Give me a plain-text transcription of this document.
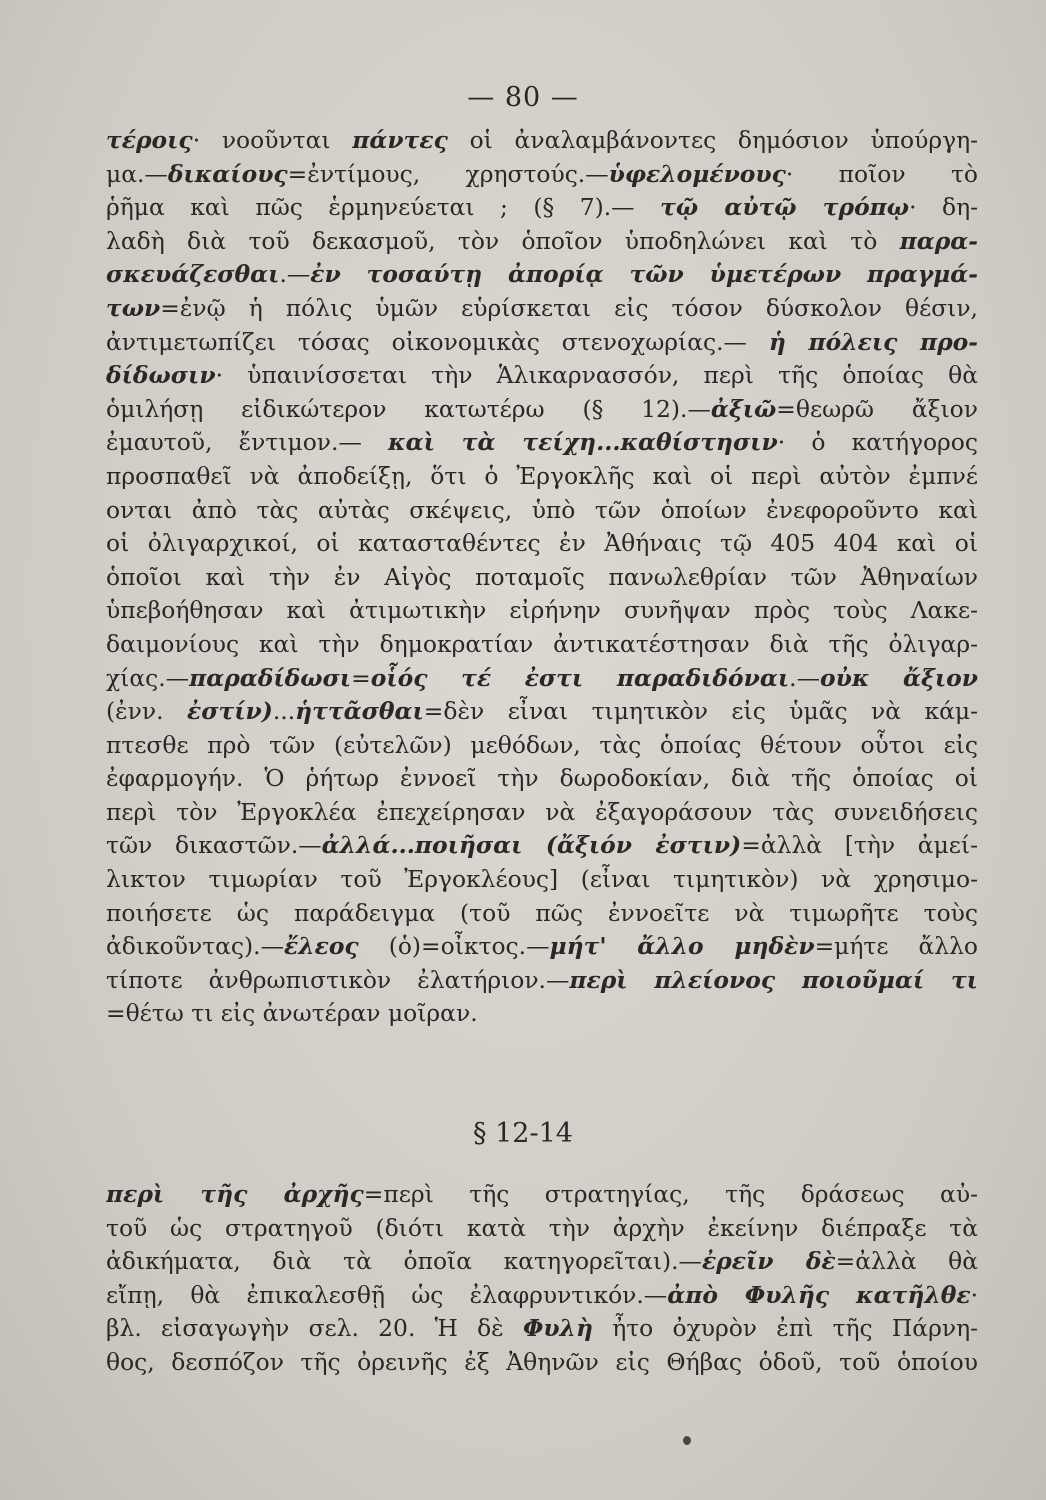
— 80 —
τέροις· νοοῦνται πάντες οἱ ἀναλαμβάνοντες δημόσιον ὑπούργη-
μα.—δικαίους=ἐντίμους, χρηστούς.—ὑφελομένους· ποῖον τὸ
ῥῆμα καὶ πῶς ἑρμηνεύεται ; (§ 7).— τῷ αὐτῷ τρόπῳ· δη-
λαδὴ διὰ τοῦ δεκασμοῦ, τὸν ὁποῖον ὑποδηλώνει καὶ τὸ παρα-
σκευάζεσθαι.—ἐν τοσαύτῃ ἀπορίᾳ τῶν ὑμετέρων πραγμά-
των=ἐνῷ ἡ πόλις ὑμῶν εὑρίσκεται εἰς τόσον δύσκολον θέσιν,
ἀντιμετωπίζει τόσας οἰκονομικὰς στενοχωρίας.— ἡ πόλεις προ-
δίδωσιν· ὑπαινίσσεται τὴν Ἁλικαρνασσόν, περὶ τῆς ὁποίας θὰ
ὁμιλήσῃ εἰδικώτερον κατωτέρω (§ 12).—ἀξιῶ=θεωρῶ ἄξιον
ἐμαυτοῦ, ἔντιμον.— καὶ τὰ τείχη...καθίστησιν· ὁ κατήγορος
προσπαθεῖ νὰ ἀποδείξῃ, ὅτι ὁ Ἐργοκλῆς καὶ οἱ περὶ αὐτὸν ἐμπνέ
ονται ἀπὸ τὰς αὐτὰς σκέψεις, ὑπὸ τῶν ὁποίων ἐνεφοροῦντο καὶ
οἱ ὀλιγαρχικοί, οἱ κατασταθέντες ἐν Ἀθήναις τῷ 405 404 καὶ οἱ
ὁποῖοι καὶ τὴν ἐν Αἰγὸς ποταμοῖς πανωλεθρίαν τῶν Ἀθηναίων
ὑπεβοήθησαν καὶ ἀτιμωτικὴν εἰρήνην συνῆψαν πρὸς τοὺς Λακε-
δαιμονίους καὶ τὴν δημοκρατίαν ἀντικατέστησαν διὰ τῆς ὀλιγαρ-
χίας.—παραδίδωσι=οἷός τέ ἐστι παραδιδόναι.—οὐκ ἄξιον
(ἐνν. ἐστίν)...ἡττᾶσθαι=δὲν εἶναι τιμητικὸν εἰς ὑμᾶς νὰ κάμ-
πτεσθε πρὸ τῶν (εὐτελῶν) μεθόδων, τὰς ὁποίας θέτουν οὗτοι εἰς
ἐφαρμογήν. Ὁ ῥήτωρ ἐννοεῖ τὴν δωροδοκίαν, διὰ τῆς ὁποίας οἱ
περὶ τὸν Ἐργοκλέα ἐπεχείρησαν νὰ ἐξαγοράσουν τὰς συνειδήσεις
τῶν δικαστῶν.—ἀλλά...ποιῆσαι (ἄξιόν ἐστιν)=ἀλλὰ [τὴν ἀμεί-
λικτον τιμωρίαν τοῦ Ἐργοκλέους] (εἶναι τιμητικὸν) νὰ χρησιμο-
ποιήσετε ὡς παράδειγμα (τοῦ πῶς ἐννοεῖτε νὰ τιμωρῆτε τοὺς
ἀδικοῦντας).—ἔλεος (ὁ)=οἶκτος.—μήτ' ἄλλο μηδὲν=μήτε ἄλλο
τίποτε ἀνθρωπιστικὸν ἐλατήριον.—περὶ πλείονος ποιοῦμαί τι
=θέτω τι εἰς ἀνωτέραν μοῖραν.
§ 12-14
περὶ τῆς ἀρχῆς=περὶ τῆς στρατηγίας, τῆς δράσεως αὐ-
τοῦ ὡς στρατηγοῦ (διότι κατὰ τὴν ἀρχὴν ἐκείνην διέπραξε τὰ
ἀδικήματα, διὰ τὰ ὁποῖα κατηγορεῖται).—ἐρεῖν δὲ=ἀλλὰ θὰ
εἴπῃ, θὰ ἐπικαλεσθῇ ὡς ἐλαφρυντικόν.—ἀπὸ Φυλῆς κατῆλθε·
βλ. εἰσαγωγὴν σελ. 20. Ἡ δὲ Φυλὴ ἦτο ὀχυρὸν ἐπὶ τῆς Πάρνη-
θος, δεσπόζον τῆς ὀρεινῆς ἐξ Ἀθηνῶν εἰς Θήβας ὁδοῦ, τοῦ ὁποίου
